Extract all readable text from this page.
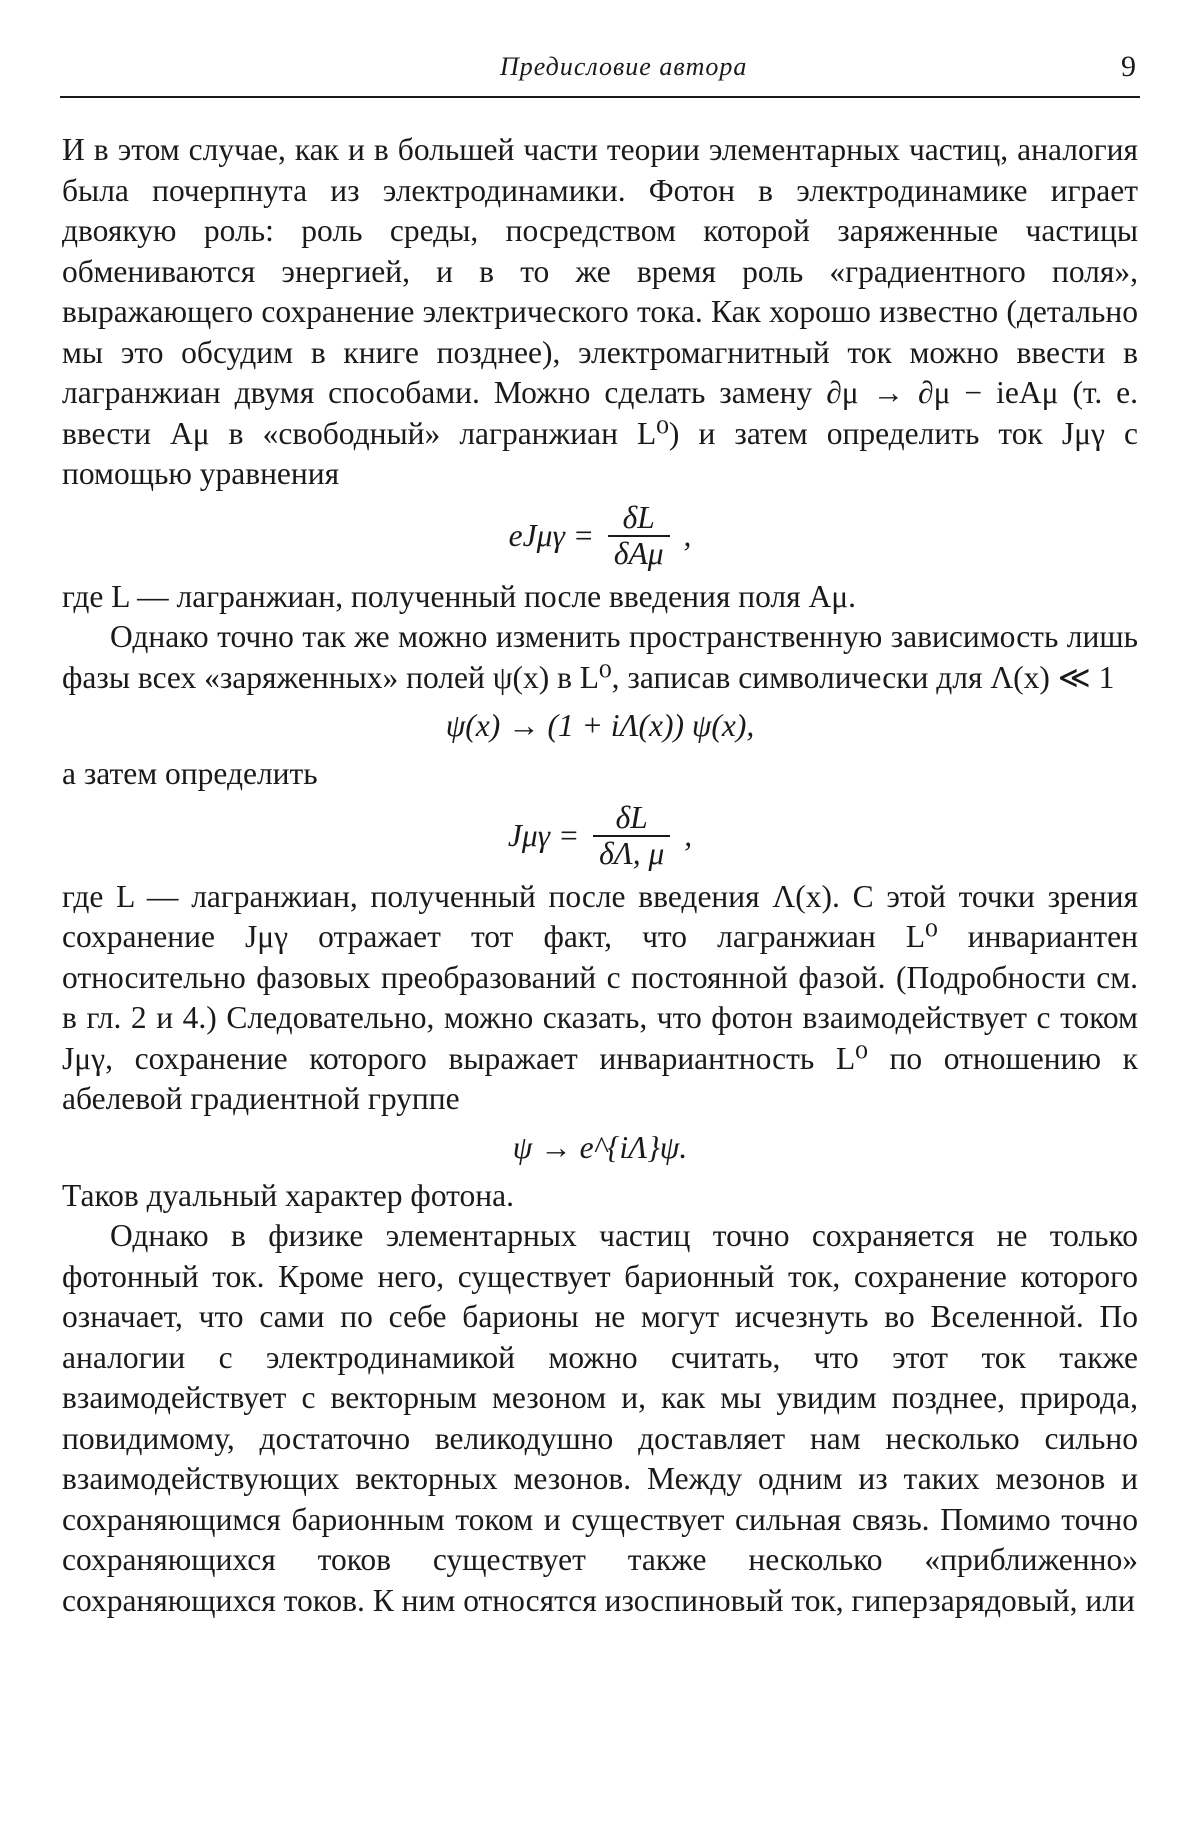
Предисловие автора	9

И в этом случае, как и в большей части теории элементарных частиц, аналогия была почерпнута из электродинамики. Фотон в электродинамике играет двоякую роль: роль среды, посредством которой заряженные частицы обмениваются энергией, и в то же время роль «градиентного поля», выражающего сохранение электрического тока. Как хорошо известно (детально мы это обсудим в книге позднее), электромагнитный ток можно ввести в лагранжиан двумя способами. Можно сделать замену ∂μ → ∂μ − ieAμ (т. е. ввести Aμ в «свободный» лагранжиан L⁰) и затем определить ток Jμγ с помощью уравнения

$eJ\mu\gamma = \frac{\delta L}{\text{δAμ}}$ ,

где L — лагранжиан, полученный после введения поля Aμ.

Однако точно так же можно изменить пространственную зависимость лишь фазы всех «заряженных» полей ψ(x) в L⁰, записав символически для Λ(x) ≪ 1

ψ(x) → (1 + iΛ(x)) ψ(x),

а затем определить

$J\mu\gamma = \frac{\delta L}{\delta\Lambda, \mu}$ ,

где L — лагранжиан, полученный после введения Λ(x). С этой точки зрения сохранение Jμγ отражает тот факт, что лагранжиан L⁰ инвариантен относительно фазовых преобразований с постоянной фазой. (Подробности см. в гл. 2 и 4.) Следовательно, можно сказать, что фотон взаимодействует с током Jμγ, сохранение которого выражает инвариантность L⁰ по отношению к абелевой градиентной группе

ψ → e^{iΛ}ψ.

Таков дуальный характер фотона.

Однако в физике элементарных частиц точно сохраняется не только фотонный ток. Кроме него, существует барионный ток, сохранение которого означает, что сами по себе барионы не могут исчезнуть во Вселенной. По аналогии с электродинамикой можно считать, что этот ток также взаимодействует с векторным мезоном и, как мы увидим позднее, природа, повидимому, достаточно великодушно доставляет нам несколько сильно взаимодействующих векторных мезонов. Между одним из таких мезонов и сохраняющимся барионным током и существует сильная связь. Помимо точно сохраняющихся токов существует также несколько «приближенно» сохраняющихся токов. К ним относятся изоспиновый ток, гиперзарядовый, или
